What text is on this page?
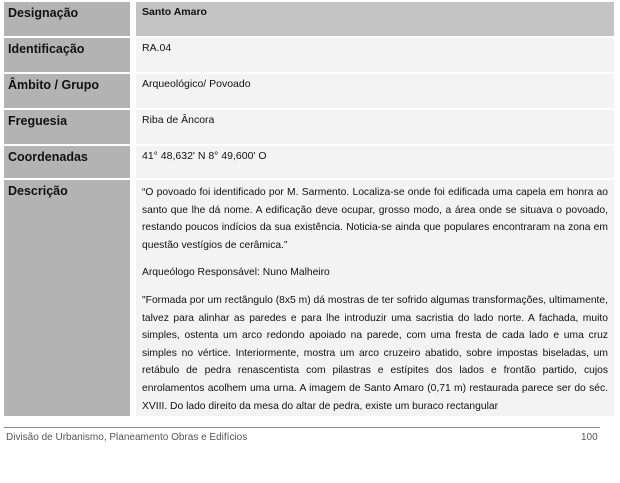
Designação	Santo Amaro
Identificação	RA.04
Âmbito / Grupo	Arqueológico/ Povoado
Freguesia	Riba de Âncora
Coordenadas	41° 48,632' N 8° 49,600' O
Descrição	“O povoado foi identificado por M. Sarmento. Localiza-se onde foi edificada uma capela em honra ao santo que lhe dá nome. A edificação deve ocupar, grosso modo, a área onde se situava o povoado, restando poucos indícios da sua existência. Noticia-se ainda que populares encontraram na zona em questão vestígios de cerâmica.”

Arqueólogo Responsável: Nuno Malheiro

"Formada por um rectângulo (8x5 m) dá mostras de ter sofrido algumas transformações, ultimamente, talvez para alinhar as paredes e para lhe introduzir uma sacristia do lado norte. A fachada, muito simples, ostenta um arco redondo apoiado na parede, com uma fresta de cada lado e uma cruz simples no vértice. Interiormente, mostra um arco cruzeiro abatido, sobre impostas biseladas, um retábulo de pedra renascentista com pilastras e estípites dos lados e frontão partido, cujos enrolamentos acolhem uma urna. A imagem de Santo Amaro (0,71 m) restaurada parece ser do séc. XVIII. Do lado direito da mesa do altar de pedra, existe um buraco rectangular

Divisão de Urbanismo, Planeamento Obras e Edifícios	100
